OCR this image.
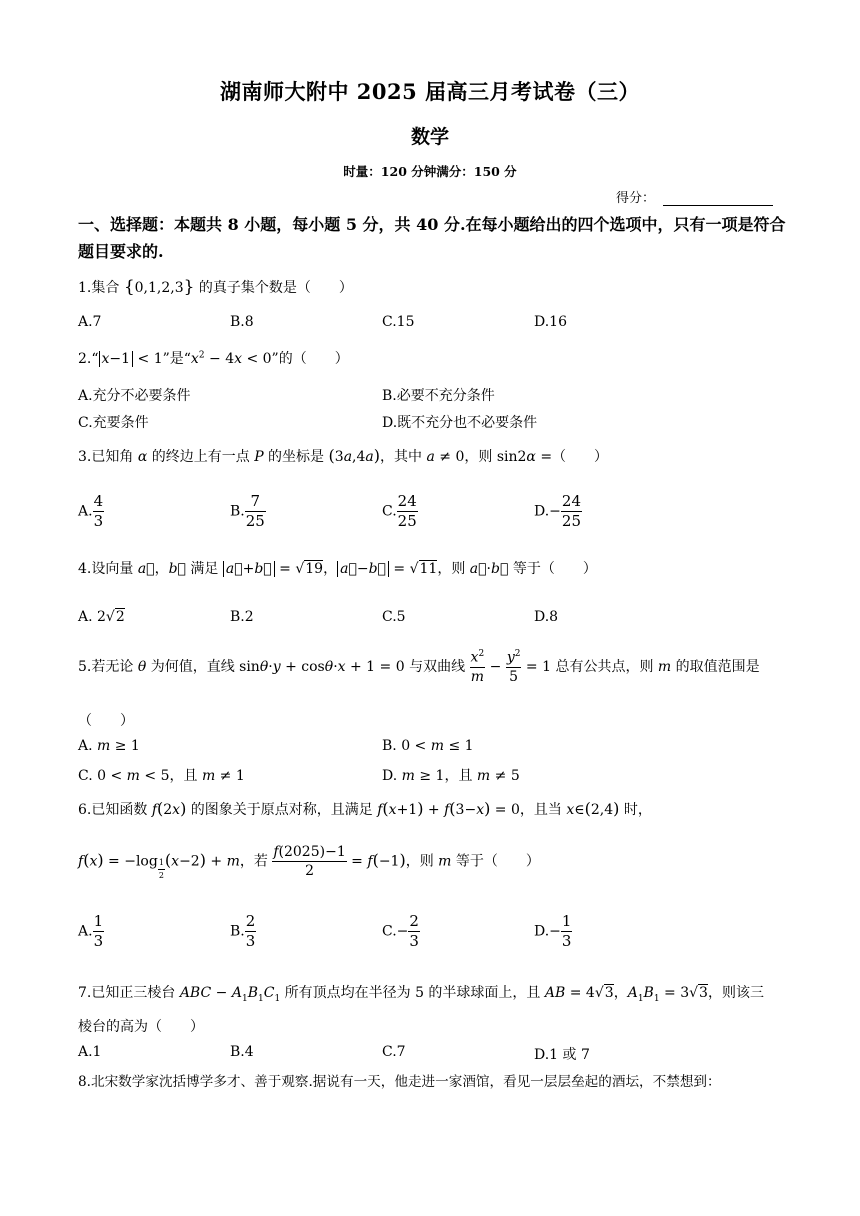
湖南师大附中 2025 届高三月考试卷（三）
数学
时量：120 分钟满分：150 分
得分：
一、选择题：本题共 8 小题，每小题 5 分，共 40 分.在每小题给出的四个选项中，只有一项是符合题目要求的.
1.集合 {0,1,2,3} 的真子集个数是（　　）
A.7	B.8	C.15	D.16
2.“ x−1 < 1”是“$x^2 - 4x < 0$”的（　　）
A.充分不必要条件	B.必要不充分条件
C.充要条件	D.既不充分也不必要条件
3.已知角 α 的终边上有一点 P 的坐标是 (3a,4a)，其中 a ≠ 0，则 sin2α =（　　）
A. $\frac{4}{3}$	B. $\frac{7}{25}$	C. $\frac{24}{25}$	$D.- \frac{24}{25}$
4.设向量 a⃗，b⃗ 满足 a⃗+b⃗ = √19， a⃗−b⃗ = √11，则 a⃗·b⃗ 等于（　　）
A. 2√2	B.2	C.5	D.8
5.若无论 θ 为何值，直线 sinθ·y + cosθ·x + 1 = 0 与双曲线 $\frac{x^2}{m} - \frac{y^2}{5} = 1$ 总有公共点，则 m 的取值范围是
（　　）
A. m ≥ 1	B. 0 < m ≤ 1
C. 0 < m < 5，且 m ≠ 1	D. m ≥ 1，且 m ≠ 5
6.已知函数 f(2x) 的图象关于原点对称，且满足 f(x+1) + f(3−x) = 0，且当 x∈(2,4) 时，
f(x) = −log $_{\frac{1}{2}}$ (x−2) + m，若 $\frac{f(2025)-1}{2} = f(-1)$，则 m 等于（　　）
A. $\frac{1}{3}$	B. $\frac{2}{3}$	$C.- \frac{2}{3}$	$D.- \frac{1}{3}$
7.已知正三棱台 ABC − $A_1B_1C_1$ 所有顶点均在半径为 5 的半球球面上，且 AB = 4√3，$A_1B_1 = 3√3$，则该三
棱台的高为（　　）
A.1	B.4	C.7	D.1 或 7
8.北宋数学家沈括博学多才、善于观察.据说有一天，他走进一家酒馆，看见一层层垒起的酒坛，不禁想到：
